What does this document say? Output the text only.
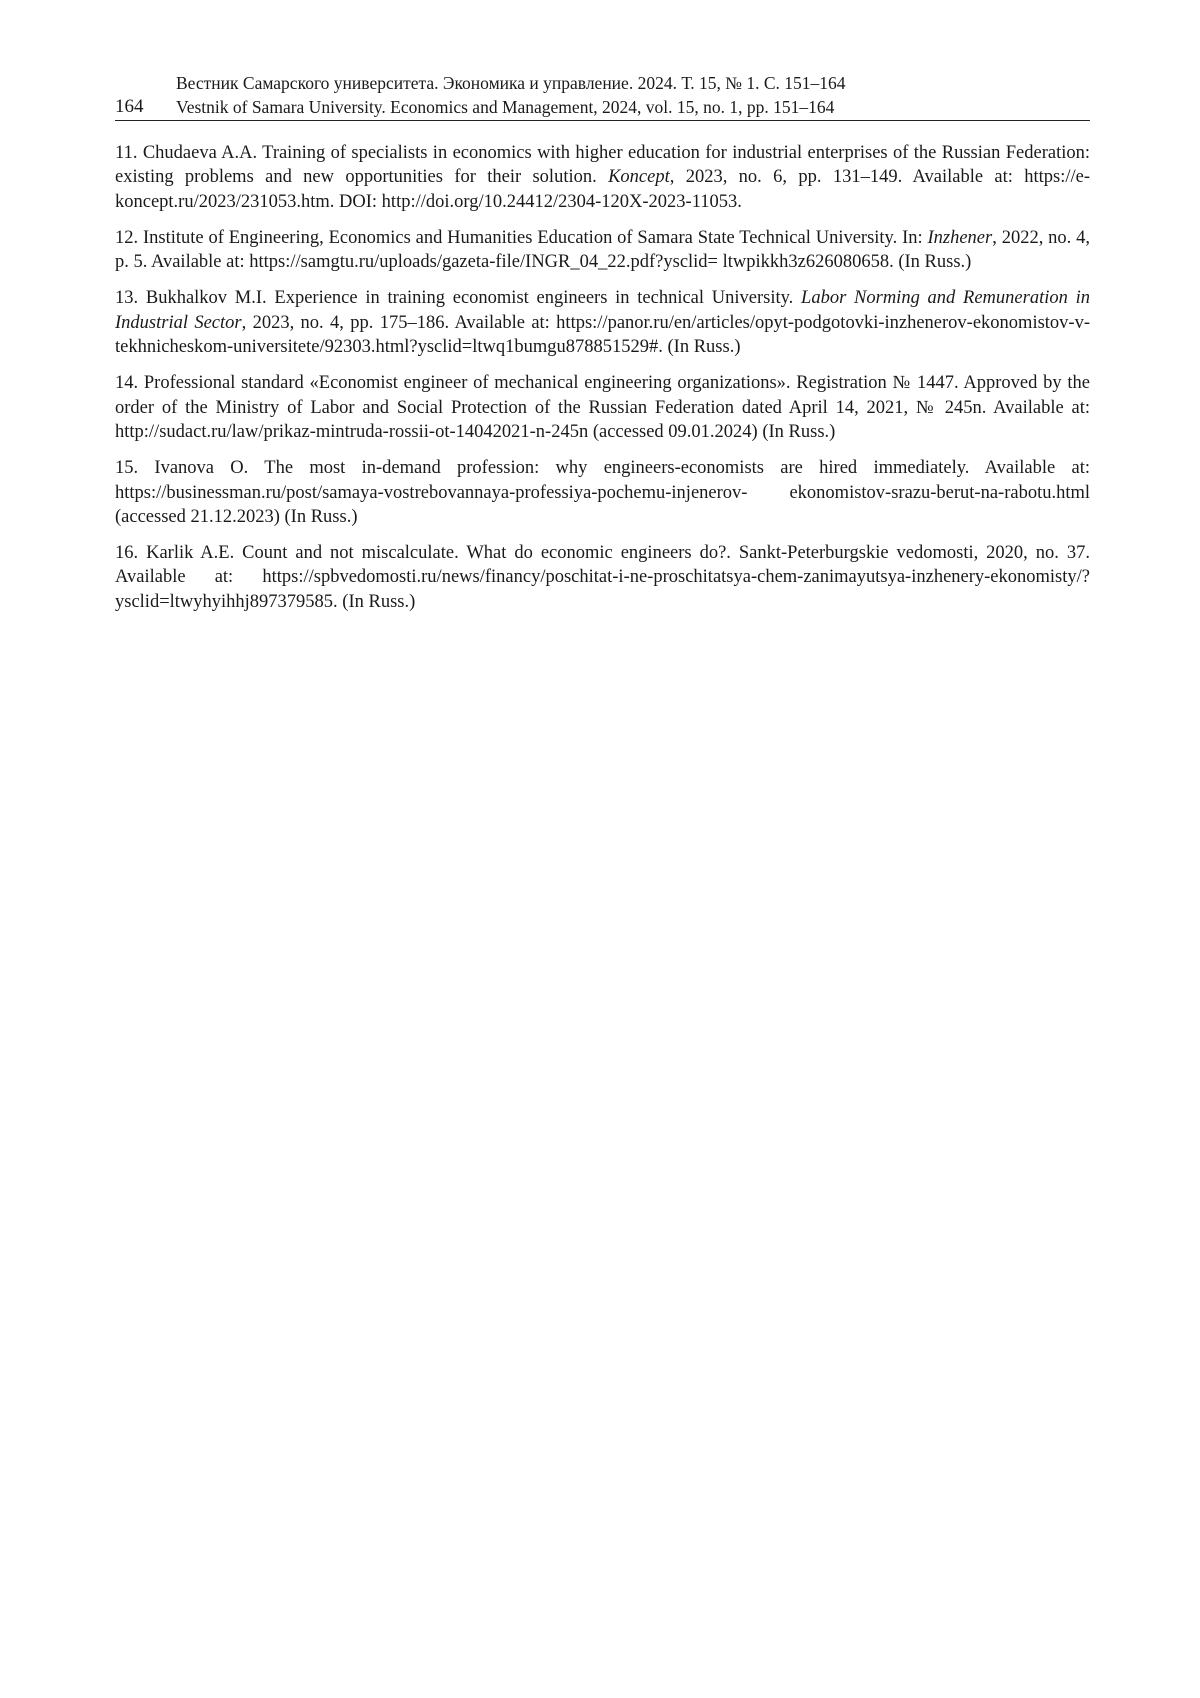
164
Вестник Самарского университета. Экономика и управление. 2024. Т. 15, № 1. С. 151–164
Vestnik of Samara University. Economics and Management, 2024, vol. 15, no. 1, pp. 151–164

11. Chudaeva A.A. Training of specialists in economics with higher education for industrial enterprises of the Russian Federation: existing problems and new opportunities for their solution. Koncept, 2023, no. 6, pp. 131–149. Available at: https://e-koncept.ru/2023/231053.htm. DOI: http://doi.org/10.24412/2304-120X-2023-11053.

12. Institute of Engineering, Economics and Humanities Education of Samara State Technical University. In: Inzhener, 2022, no. 4, p. 5. Available at: https://samgtu.ru/uploads/gazeta-file/INGR_04_22.pdf?ysclid= ltwpikkh3z626080658. (In Russ.)

13. Bukhalkov M.I. Experience in training economist engineers in technical University. Labor Norming and Remuneration in Industrial Sector, 2023, no. 4, pp. 175–186. Available at: https://panor.ru/en/articles/opyt-podgotovki-inzhenerov-ekonomistov-v-tekhnicheskom-universitete/92303.html?ysclid=ltwq1bumgu878851529#. (In Russ.)

14. Professional standard «Economist engineer of mechanical engineering organizations». Registration № 1447. Approved by the order of the Ministry of Labor and Social Protection of the Russian Federation dated April 14, 2021, № 245n. Available at: http://sudact.ru/law/prikaz-mintruda-rossii-ot-14042021-n-245n (accessed 09.01.2024) (In Russ.)

15. Ivanova O. The most in-demand profession: why engineers-economists are hired immediately. Available at: https://businessman.ru/post/samaya-vostrebovannaya-professiya-pochemu-injenerov- ekonomistov-srazu-berut-na-rabotu.html (accessed 21.12.2023) (In Russ.)

16. Karlik A.E. Count and not miscalculate. What do economic engineers do?. Sankt-Peterburgskie vedomosti, 2020, no. 37. Available at: https://spbvedomosti.ru/news/financy/poschitat-i-ne-proschitatsya-chem-zanimayutsya-inzhenery-ekonomisty/?ysclid=ltwyhyihhj897379585. (In Russ.)
